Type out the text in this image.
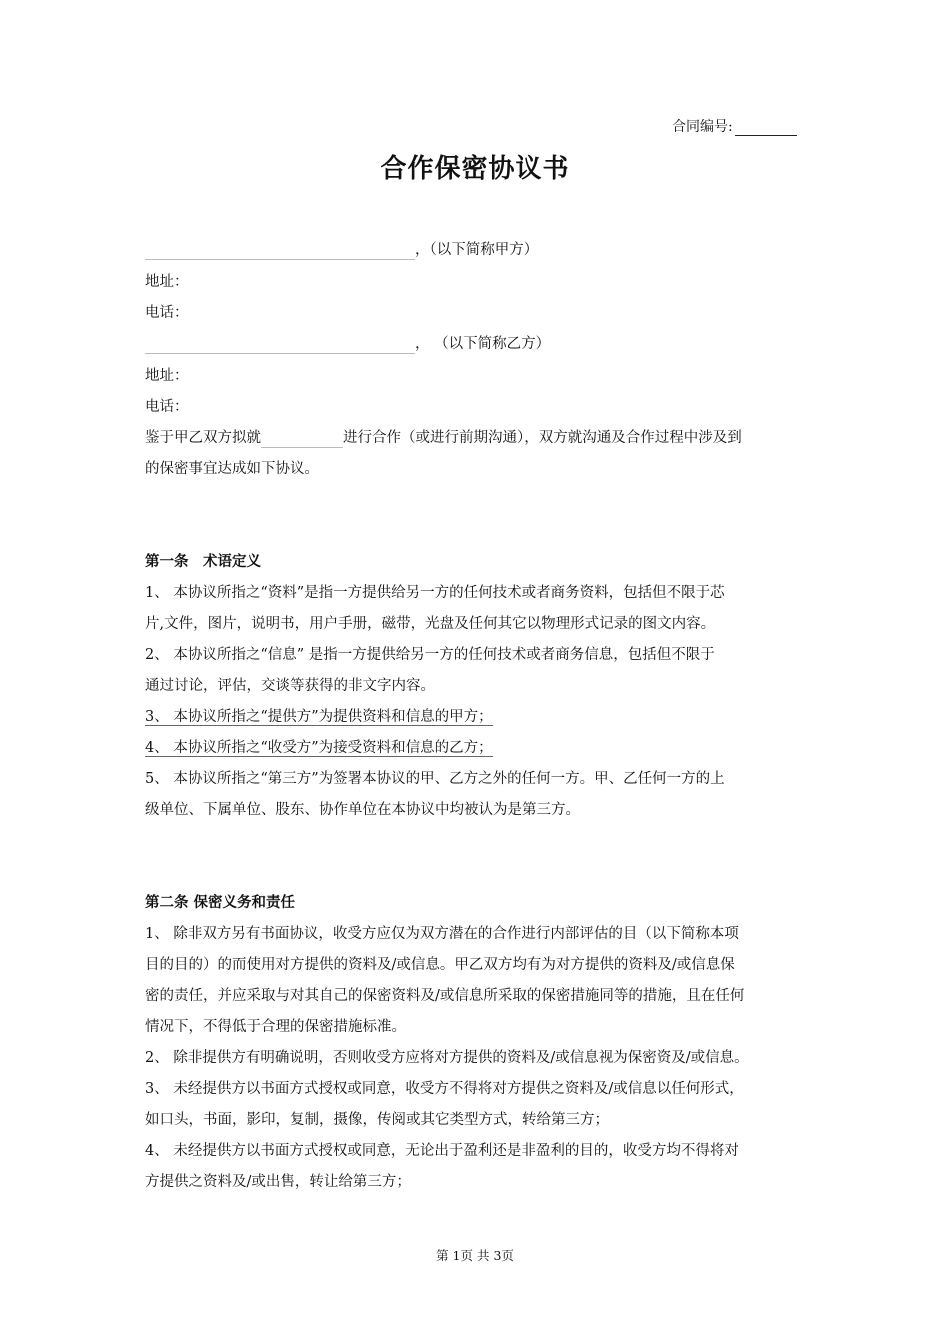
合同编号:
合作保密协议书
，（以下简称甲方）
地址：
电话：
， （以下简称乙方）
地址：
电话：
鉴于甲乙双方拟就	进行合作（或进行前期沟通），双方就沟通及合作过程中涉及到
的保密事宜达成如下协议。
第一条　术语定义
1、 本协议所指之“资料”是指一方提供给另一方的任何技术或者商务资料，包括但不限于芯
片,文件，图片，说明书，用户手册，磁带，光盘及任何其它以物理形式记录的图文内容。
2、 本协议所指之“信息” 是指一方提供给另一方的任何技术或者商务信息，包括但不限于
通过讨论，评估，交谈等获得的非文字内容。
3、 本协议所指之“提供方”为提供资料和信息的甲方；
4、 本协议所指之“收受方”为接受资料和信息的乙方；
5、 本协议所指之“第三方”为签署本协议的甲、乙方之外的任何一方。甲、乙任何一方的上
级单位、下属单位、股东、协作单位在本协议中均被认为是第三方。
第二条 保密义务和责任
1、 除非双方另有书面协议，收受方应仅为双方潜在的合作进行内部评估的目（以下简称本项
目的目的）的而使用对方提供的资料及/或信息。甲乙双方均有为对方提供的资料及/或信息保
密的责任，并应采取与对其自己的保密资料及/或信息所采取的保密措施同等的措施，且在任何
情况下，不得低于合理的保密措施标准。
2、 除非提供方有明确说明，否则收受方应将对方提供的资料及/或信息视为保密资及/或信息。
3、 未经提供方以书面方式授权或同意，收受方不得将对方提供之资料及/或信息以任何形式，
如口头，书面，影印，复制，摄像，传阅或其它类型方式，转给第三方；
4、 未经提供方以书面方式授权或同意，无论出于盈利还是非盈利的目的，收受方均不得将对
方提供之资料及/或出售，转让给第三方；
第 1页 共 3页
